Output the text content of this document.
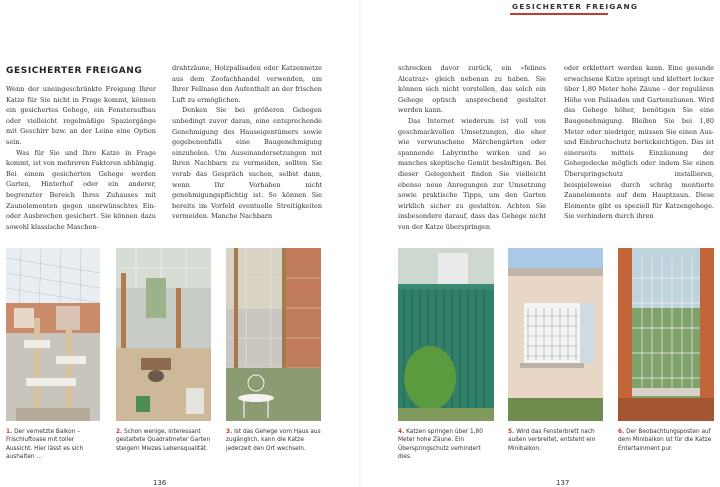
GESICHERTER FREIGANG

Wenn der uneingeschränkte Freigang Ihrer Katze für Sie nicht in Frage kommt, können ein gesichertes Gehege, ein Fensteraufbau oder vielleicht regelmäßige Spaziergänge mit Geschirr bzw. an der Leine eine Option sein.

Was für Sie und Ihre Katze in Frage kommt, ist von mehreren Faktoren abhängig. Bei einem gesicherten Gehege werden Garten, Hinterhof oder ein anderer, begrenzter Bereich Ihres Zuhauses mit Zaunelementen gegen unerwünschtes Ein- oder Ausbrechen gesichert. Sie können dazu sowohl klassische Maschen-

drahtzäune, Holzpalisaden oder Katzennetze aus dem Zoofachhandel verwenden, um Ihrer Fellnase den Aufenthalt an der frischen Luft zu ermöglichen.

Denken Sie bei größeren Gehegen unbedingt zuvor daran, eine entsprechende Genehmigung des Hauseigentümers sowie gegebenenfalls eine Baugenehmigung einzuholen. Um Auseinandersetzungen mit Ihren Nachbarn zu vermeiden, sollten Sie vorab das Gespräch suchen, selbst dann, wenn Ihr Vorhaben nicht genehmigungspflichtig ist. So können Sie bereits im Vorfeld eventuelle Streitigkeiten vermeiden. Manche Nachbarn

1. Der vernetzte Balkon – Frischluftoase mit toller Aussicht. Hier lässt es sich aushalten …
2. Schon wenige, interessant gestaltete Quadratmeter Garten steigern Miezes Lebensqualität.
3. Ist das Gehege vom Haus aus zugänglich, kann die Katze jederzeit den Ort wechseln.
136
GESICHERTER FREIGANG

schrecken davor zurück, ein »felines Alcatraz« gleich nebenan zu haben. Sie können sich nicht vorstellen, das solch ein Gehege optisch ansprechend gestaltet werden kann.

Das Internet wiederum ist voll von geschmackvollen Umsetzungen, die eher wie verwunschene Märchengärten oder spannende Labyrinthe wirken und so manches skeptische Gemüt besänftigen. Bei dieser Gelegenheit finden Sie vielleicht ebenso neue Anregungen zur Umsetzung sowie praktische Tipps, um den Garten wirklich sicher zu gestalten. Achten Sie insbesondere darauf, dass das Gehege nicht von der Katze überspringen

oder erklettert werden kann. Eine gesunde erwachsene Katze springt und klettert locker über 1,80 Meter hohe Zäune – der regulären Höhe von Palisaden und Gartenzäunen. Wird das Gehege höher, benötigen Sie eine Baugenehmigung. Bleiben Sie bei 1,80 Meter oder niedriger, müssen Sie einen Aus- und Einbruchschutz berücksichtigen. Das ist einerseits mittels Einzäunung der Gehegedecke möglich oder indem Sie einen Überspringschutz installieren, beispielsweise durch schräg montierte Zaunelemente auf dem Hauptzaun. Diese Elemente gibt es speziell für Katzengehege. Sie verhindern durch ihren

4. Katzen springen über 1,80 Meter hohe Zäune. Ein Überspringschutz verhindert dies.
5. Wird das Fensterbrett nach außen verbreitet, entsteht ein Minibalkon.
6. Der Beobachtungsposten auf dem Minibalkon ist für die Katze Entertainment pur.
137
